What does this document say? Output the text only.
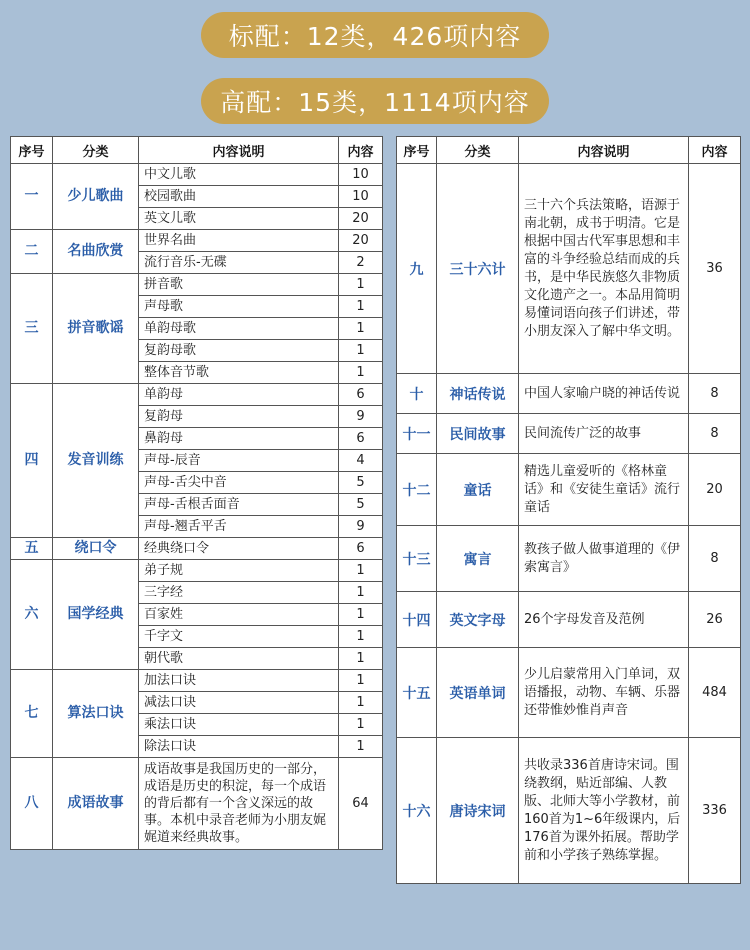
标配：12类，426项内容
高配：15类，1114项内容
序号	分类	内容说明	内容
一	少儿歌曲	中文儿歌	10
		校园歌曲	10
		英文儿歌	20
二	名曲欣赏	世界名曲	20
		流行音乐-无碟	2
三	拼音歌谣	拼音歌	1
		声母歌	1
		单韵母歌	1
		复韵母歌	1
		整体音节歌	1
四	发音训练	单韵母	6
		复韵母	9
		鼻韵母	6
		声母-辰音	4
		声母-舌尖中音	5
		声母-舌根舌面音	5
		声母-翘舌平舌	9
五	绕口令	经典绕口令	6
六	国学经典	弟子规	1
		三字经	1
		百家姓	1
		千字文	1
		朝代歌	1
七	算法口诀	加法口诀	1
		减法口诀	1
		乘法口诀	1
		除法口诀	1
八	成语故事	成语故事是我国历史的一部分，成语是历史的积淀，每一个成语的背后都有一个含义深远的故事。本机中录音老师为小朋友娓娓道来经典故事。	64
序号	分类	内容说明	内容
九	三十六计	三十六个兵法策略，语源于南北朝，成书于明清。它是根据中国古代军事思想和丰富的斗争经验总结而成的兵书，是中华民族悠久非物质文化遗产之一。本品用简明易懂词语向孩子们讲述，带小朋友深入了解中华文明。	36
十	神话传说	中国人家喻户晓的神话传说	8
十一	民间故事	民间流传广泛的故事	8
十二	童话	精选儿童爱听的《格林童话》和《安徒生童话》流行童话	20
十三	寓言	教孩子做人做事道理的《伊索寓言》	8
十四	英文字母	26个字母发音及范例	26
十五	英语单词	少儿启蒙常用入门单词，双语播报，动物、车辆、乐器还带惟妙惟肖声音	484
十六	唐诗宋词	共收录336首唐诗宋词。围绕教纲，贴近部编、人教版、北师大等小学教材，前160首为1~6年级课内，后176首为课外拓展。帮助学前和小学孩子熟练掌握。	336
